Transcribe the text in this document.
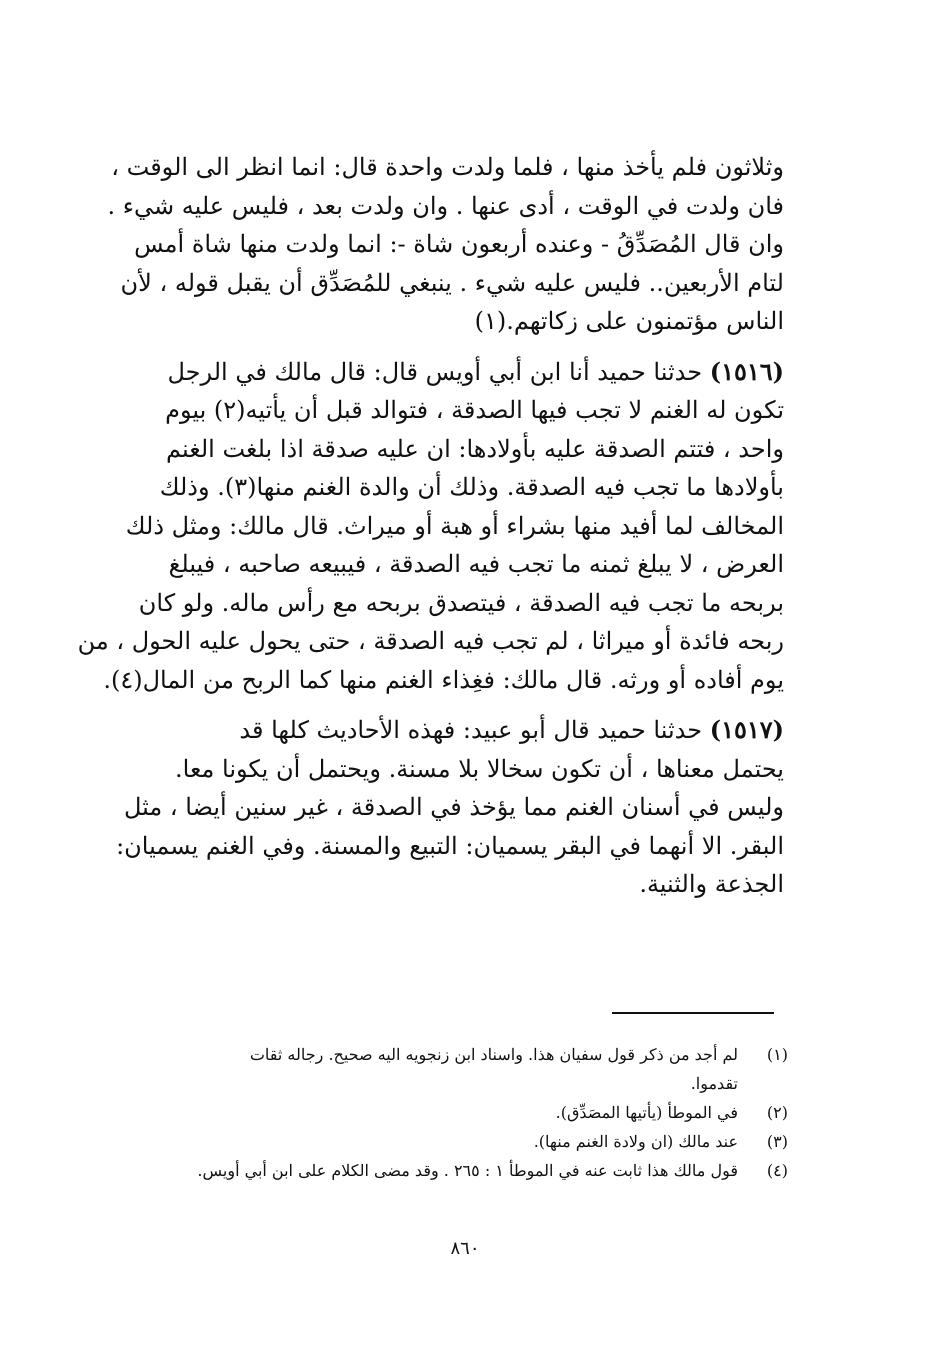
وثلاثون فلم يأخذ منها ، فلما ولدت واحدة قال: انما انظر الى الوقت ،
فان ولدت في الوقت ، أدى عنها . وان ولدت بعد ، فليس عليه شيء .
وان قال المُصَدِّقُ - وعنده أربعون شاة -: انما ولدت منها شاة أمس
لتام الأربعين.. فليس عليه شيء . ينبغي للمُصَدِّق أن يقبل قوله ، لأن
الناس مؤتمنون على زكاتهم.(١)
(١٥١٦) حدثنا حميد أنا ابن أبي أويس قال: قال مالك في الرجل
تكون له الغنم لا تجب فيها الصدقة ، فتوالد قبل أن يأتيه(٢) بيوم
واحد ، فتتم الصدقة عليه بأولادها: ان عليه صدقة اذا بلغت الغنم
بأولادها ما تجب فيه الصدقة. وذلك أن والدة الغنم منها(٣). وذلك
المخالف لما أفيد منها بشراء أو هبة أو ميراث. قال مالك: ومثل ذلك
العرض ، لا يبلغ ثمنه ما تجب فيه الصدقة ، فيبيعه صاحبه ، فيبلغ
بربحه ما تجب فيه الصدقة ، فيتصدق بربحه مع رأس ماله. ولو كان
ربحه فائدة أو ميراثا ، لم تجب فيه الصدقة ، حتى يحول عليه الحول ، من
يوم أفاده أو ورثه. قال مالك: فغِذاء الغنم منها كما الربح من المال(٤).
(١٥١٧) حدثنا حميد قال أبو عبيد: فهذه الأحاديث كلها قد
يحتمل معناها ، أن تكون سخالا بلا مسنة. ويحتمل أن يكونا معا.
وليس في أسنان الغنم مما يؤخذ في الصدقة ، غير سنين أيضا ، مثل
البقر. الا أنهما في البقر يسميان: التبيع والمسنة. وفي الغنم يسميان:
الجذعة والثنية.
(١)
لم أجد من ذكر قول سفيان هذا. واسناد ابن زنجويه اليه صحيح. رجاله ثقات
تقدموا.
(٢)
في الموطأ (يأتيها المصَدِّق).
(٣)
عند مالك (ان ولادة الغنم منها).
(٤)
قول مالك هذا ثابت عنه في الموطأ ١ : ٢٦٥ . وقد مضى الكلام على ابن أبي أويس.
٨٦٠
